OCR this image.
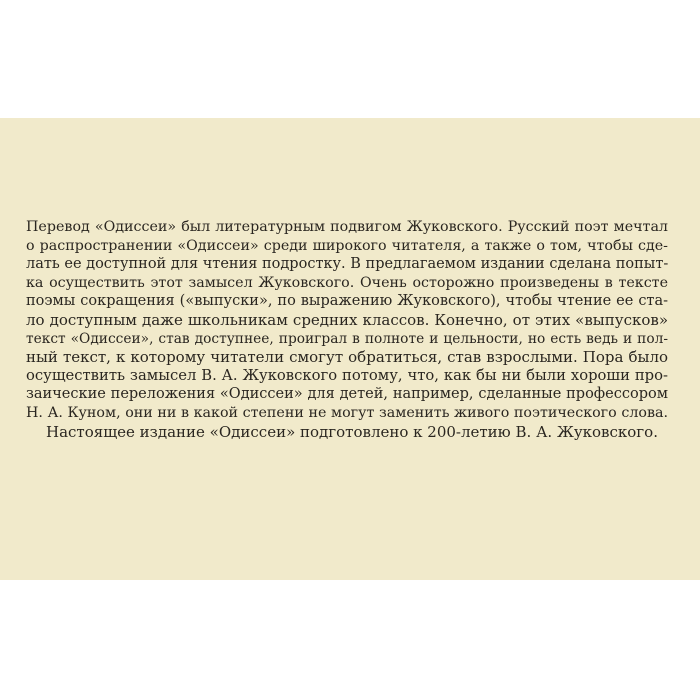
Перевод «Одиссеи» был литературным подвигом Жуковского. Русский поэт мечтал
о распространении «Одиссеи» среди широкого читателя, а также о том, чтобы сде-
лать ее доступной для чтения подростку. В предлагаемом издании сделана попыт-
ка осуществить этот замысел Жуковского. Очень осторожно произведены в тексте
поэмы сокращения («выпуски», по выражению Жуковского), чтобы чтение ее ста-
ло доступным даже школьникам средних классов. Конечно, от этих «выпусков»
текст «Одиссеи», став доступнее, проиграл в полноте и цельности, но есть ведь и пол-
ный текст, к которому читатели смогут обратиться, став взрослыми. Пора было
осуществить замысел В. А. Жуковского потому, что, как бы ни были хороши про-
заические переложения «Одиссеи» для детей, например, сделанные профессором
Н. А. Куном, они ни в какой степени не могут заменить живого поэтического слова.
Настоящее издание «Одиссеи» подготовлено к 200-летию В. А. Жуковского.
